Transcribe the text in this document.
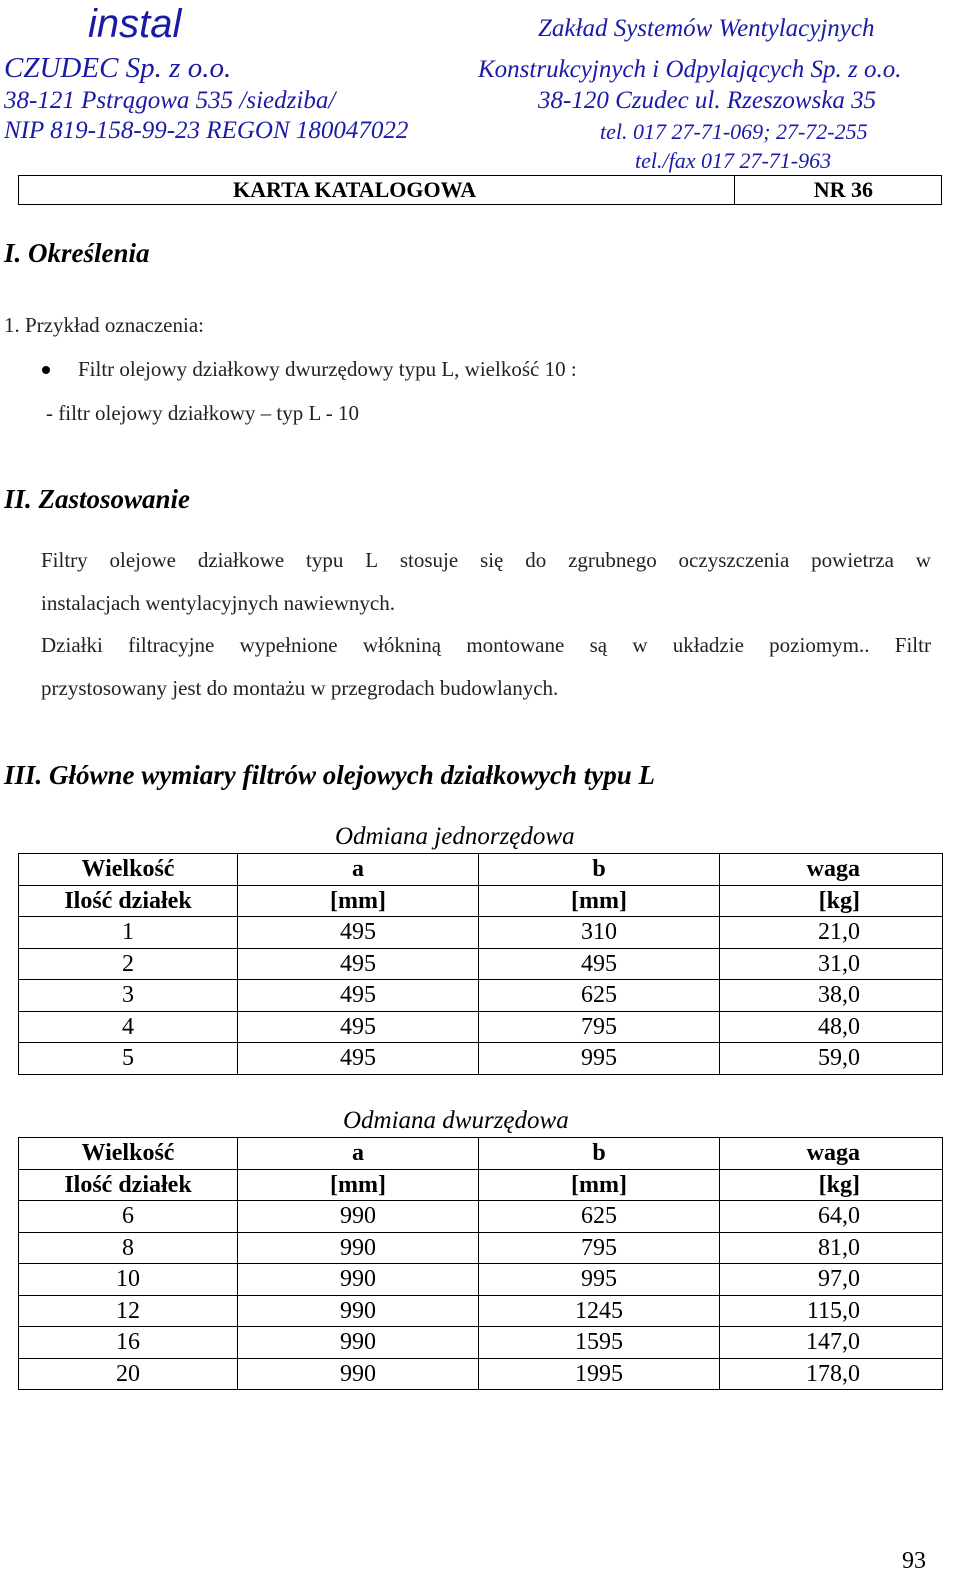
instal
CZUDEC Sp. z o.o.
38-121 Pstrągowa 535 /siedziba/
NIP 819-158-99-23 REGON 180047022
Zakład Systemów Wentylacyjnych
Konstrukcyjnych i Odpylających Sp. z o.o.
38-120 Czudec ul. Rzeszowska 35
tel. 017 27-71-069; 27-72-255
tel./fax 017 27-71-963
KARTA KATALOGOWA	NR 36
I. Określenia
1. Przykład oznaczenia:
Filtr olejowy działkowy dwurzędowy typu L, wielkość 10 :
- filtr olejowy działkowy – typ L - 10
II. Zastosowanie
Filtry olejowe działkowe typu L stosuje się do zgrubnego oczyszczenia powietrza w
instalacjach wentylacyjnych nawiewnych.
Działki filtracyjne wypełnione włókniną montowane są w układzie poziomym.. Filtr
przystosowany jest do montażu w przegrodach budowlanych.
III. Główne wymiary filtrów olejowych działkowych typu L
Odmiana jednorzędowa
Wielkość	a	b	waga
Ilość działek	[mm]	[mm]	[kg]
1	495	310	21,0
2	495	495	31,0
3	495	625	38,0
4	495	795	48,0
5	495	995	59,0
Odmiana dwurzędowa
Wielkość	a	b	waga
Ilość działek	[mm]	[mm]	[kg]
6	990	625	64,0
8	990	795	81,0
10	990	995	97,0
12	990	1245	115,0
16	990	1595	147,0
20	990	1995	178,0
93
